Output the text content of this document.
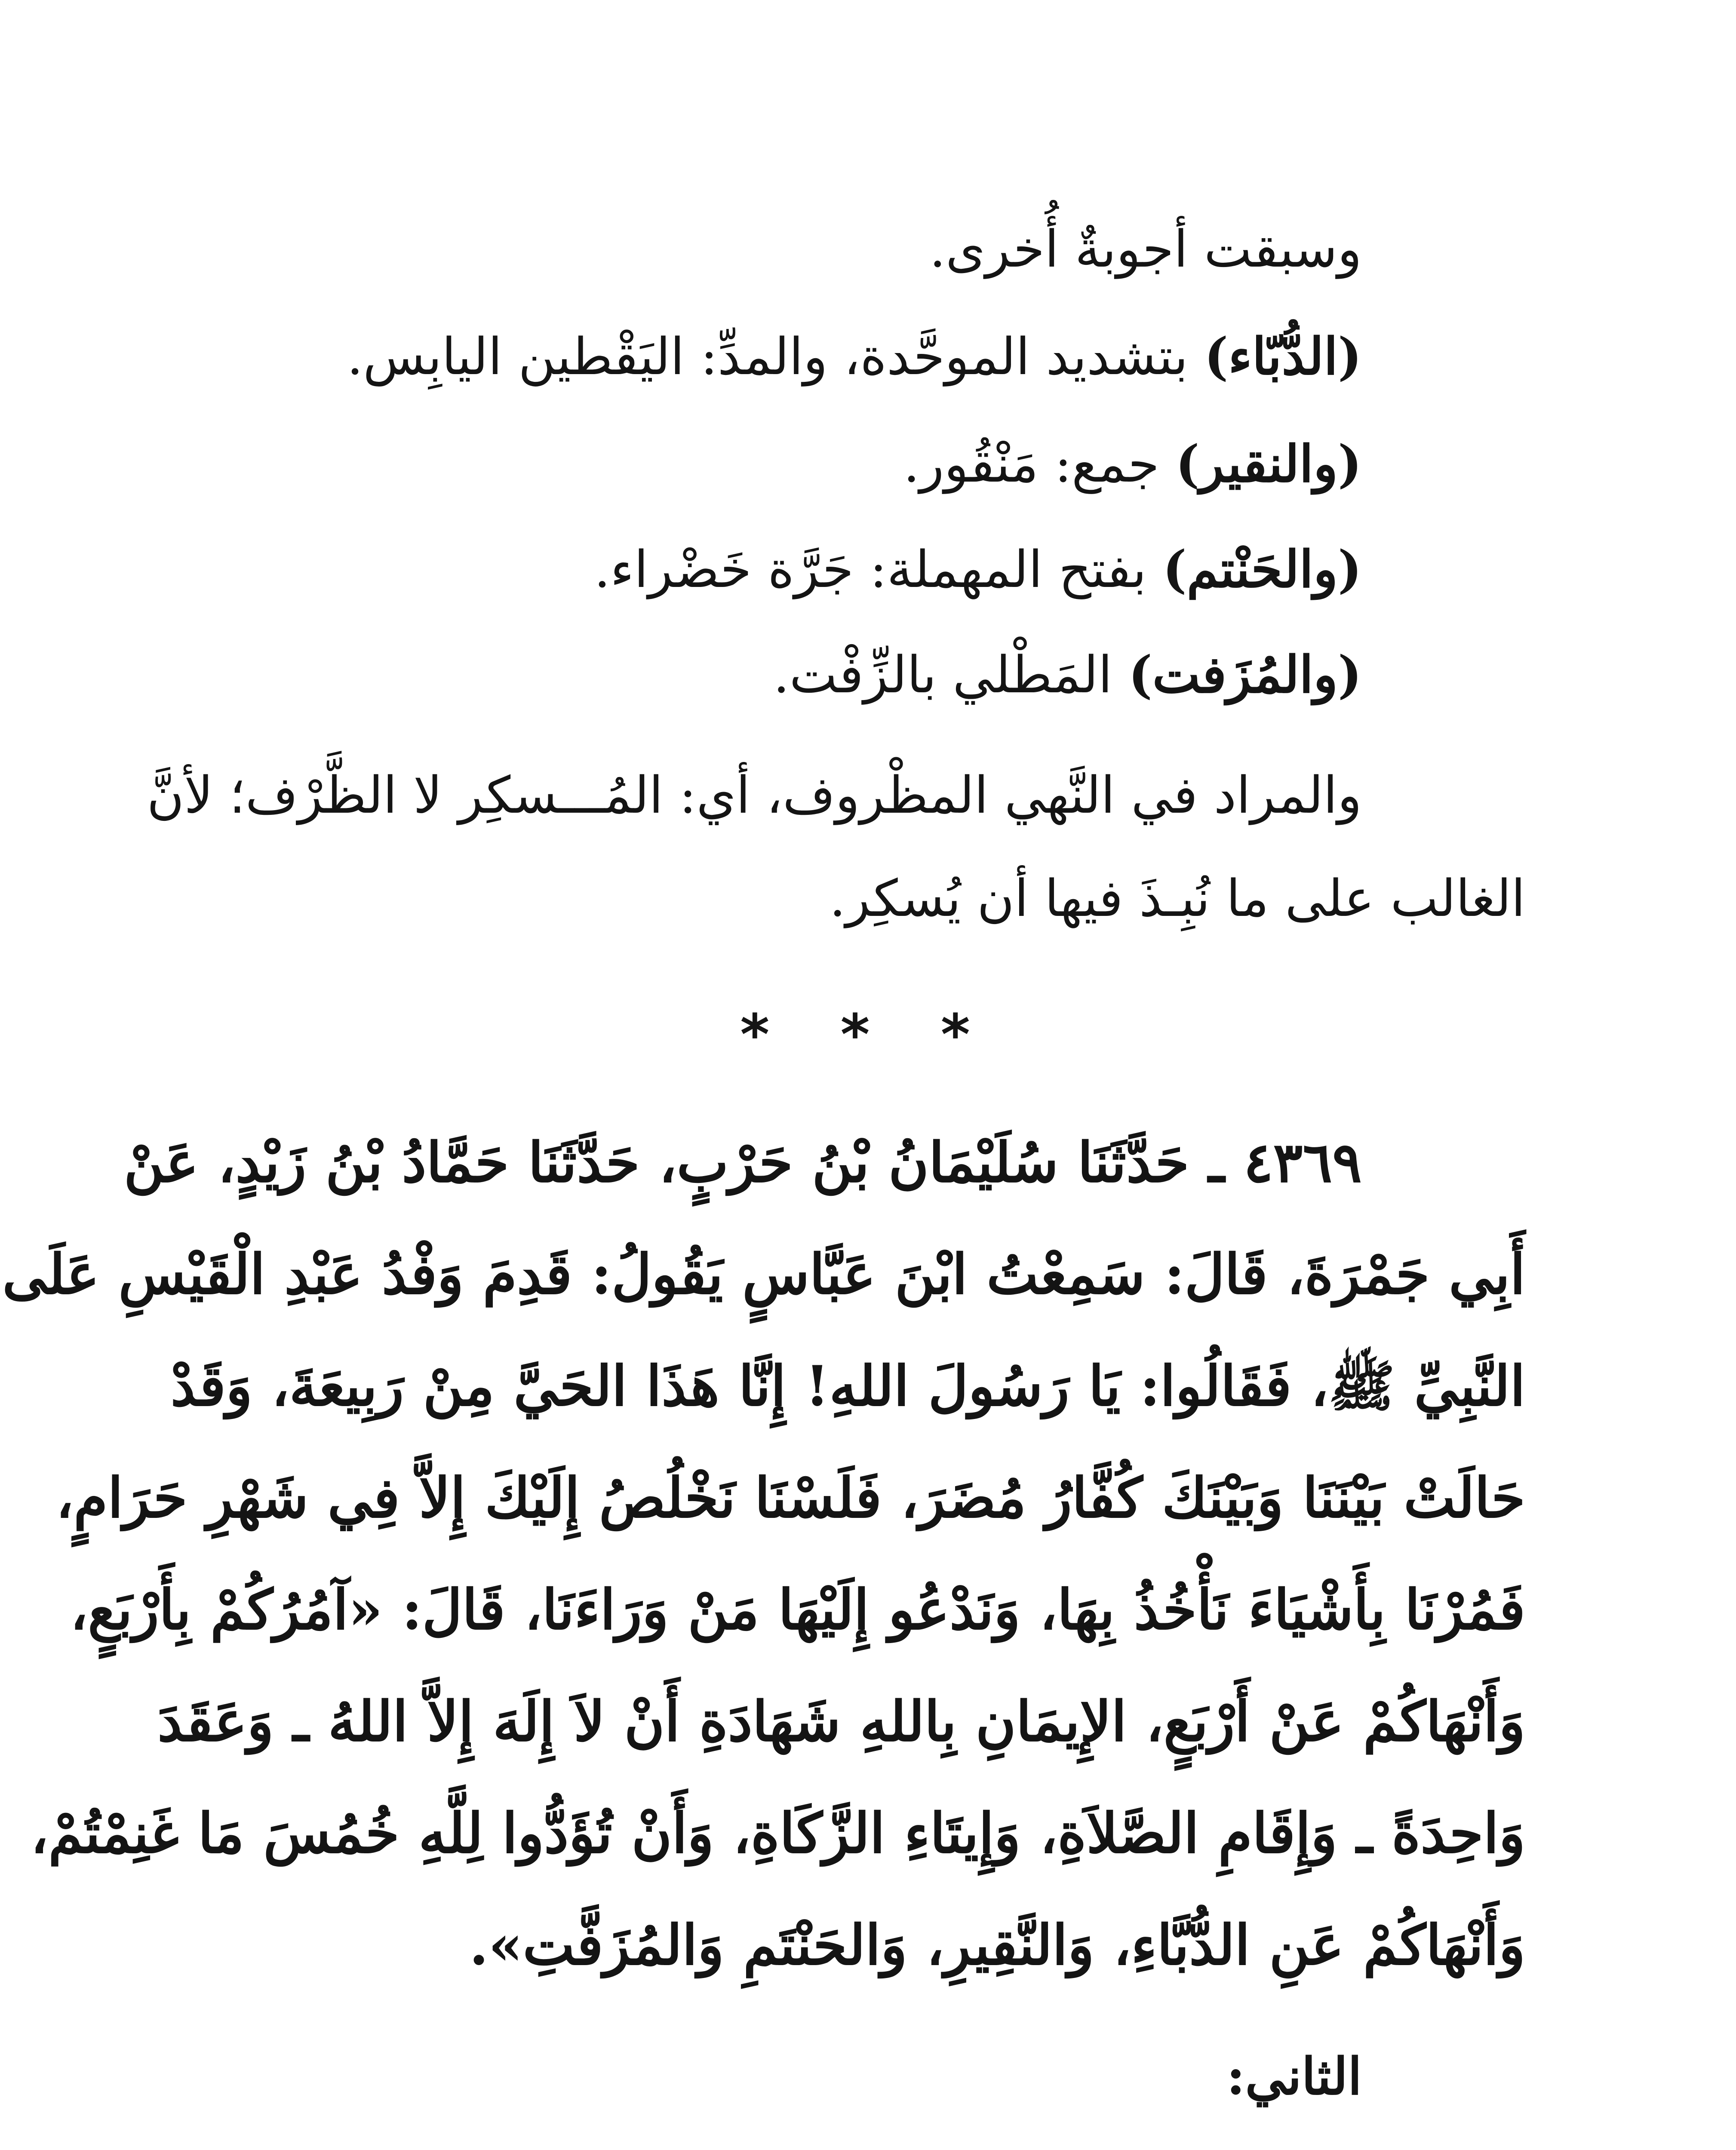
وسبقت أجوبةٌ أُخرى.
(الدُّبّاء) بتشديد الموحَّدة، والمدِّ: اليَقْطين اليابِس.
(والنقير) جمع: مَنْقُور.
(والحَنْتم) بفتح المهملة: جَرَّة خَضْراء.
(والمُزَفت) المَطْلي بالزِّفْت.
والمراد في النَّهي المظْروف، أي: المُـــسكِر لا الظَّرْف؛ لأنَّ
الغالب على ما نُبِـذَ فيها أن يُسكِر.
* * *
٤٣٦٩ ـ حَدَّثَنَا سُلَيْمَانُ بْنُ حَرْبٍ، حَدَّثَنَا حَمَّادُ بْنُ زَيْدٍ، عَنْ
أَبِي جَمْرَةَ، قَالَ: سَمِعْتُ ابْنَ عَبَّاسٍ يَقُولُ: قَدِمَ وَفْدُ عَبْدِ الْقَيْسِ عَلَى
النَّبِيِّ ﷺ، فَقَالُوا: يَا رَسُولَ اللهِ! إِنَّا هَذَا الحَيَّ مِنْ رَبِيعَةَ، وَقَدْ
حَالَتْ بَيْنَنَا وَبَيْنَكَ كُفَّارُ مُضَرَ، فَلَسْنَا نَخْلُصُ إِلَيْكَ إِلاَّ فِي شَهْرِ حَرَامٍ،
فَمُرْنَا بِأَشْيَاءَ نَأْخُذُ بِهَا، وَنَدْعُو إِلَيْهَا مَنْ وَرَاءَنَا، قَالَ: «آمُرُكُمْ بِأَرْبَعٍ،
وَأَنْهَاكُمْ عَنْ أَرْبَعٍ، الإِيمَانِ بِاللهِ شَهَادَةِ أَنْ لاَ إِلَهَ إِلاَّ اللهُ ـ وَعَقَدَ
وَاحِدَةً ـ وَإِقَامِ الصَّلاَةِ، وَإِيتَاءِ الزَّكَاةِ، وَأَنْ تُؤَدُّوا لِلَّهِ خُمُسَ مَا غَنِمْتُمْ،
وَأَنْهَاكُمْ عَنِ الدُّبَّاءِ، وَالنَّقِيرِ، وَالحَنْتَمِ وَالمُزَفَّتِ».
الثاني:
